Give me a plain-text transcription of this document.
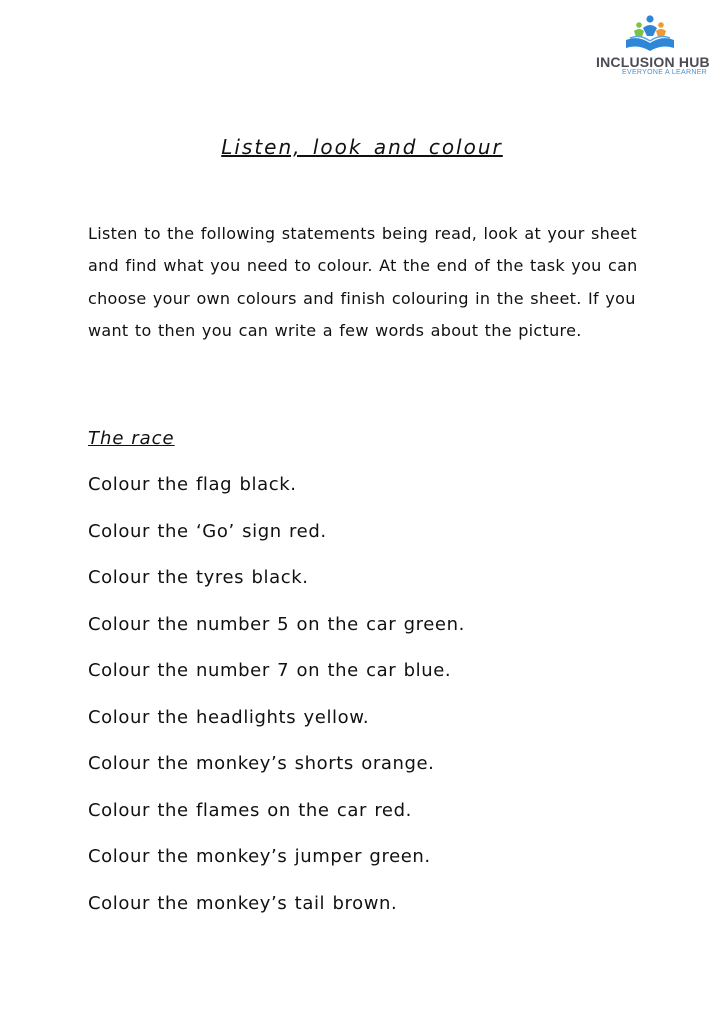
INCLUSION HUB
EVERYONE A LEARNER
Listen, look and colour

Listen to the following statements being read, look at your sheet and find what you need to colour. At the end of the task you can choose your own colours and finish colouring in the sheet. If you want to then you can write a few words about the picture.

The race
Colour the flag black.
Colour the ‘Go’ sign red.
Colour the tyres black.
Colour the number 5 on the car green.
Colour the number 7 on the car blue.
Colour the headlights yellow.
Colour the monkey’s shorts orange.
Colour the flames on the car red.
Colour the monkey’s jumper green.
Colour the monkey’s tail brown.
